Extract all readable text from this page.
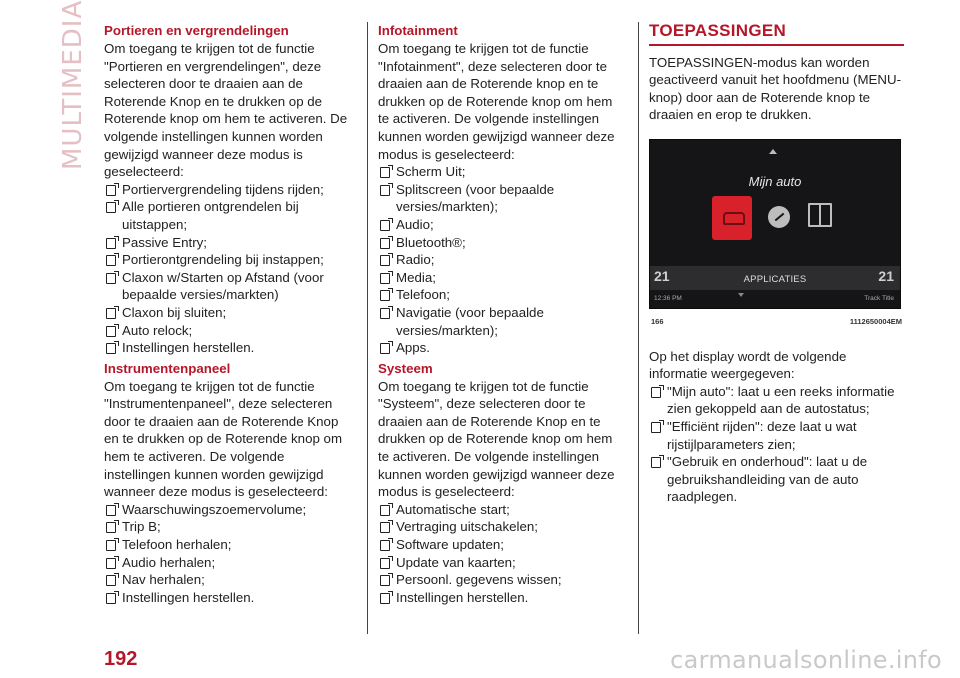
MULTIMEDIA Portieren en vergrendelingen

Om toegang te krijgen tot de functie "Portieren en vergrendelingen", deze selecteren door te draaien aan de Roterende Knop en te drukken op de Roterende knop om hem te activeren. De volgende instellingen kunnen worden gewijzigd wanneer deze modus is geselecteerd:

Portiervergrendeling tijdens rijden;
Alle portieren ontgrendelen bij uitstappen;
Passive Entry;
Portierontgrendeling bij instappen;
Claxon w/Starten op Afstand (voor bepaalde versies/markten)
Claxon bij sluiten;
Auto relock;
Instellingen herstellen.
Instrumentenpaneel

Om toegang te krijgen tot de functie "Instrumentenpaneel", deze selecteren door te draaien aan de Roterende Knop en te drukken op de Roterende knop om hem te activeren. De volgende instellingen kunnen worden gewijzigd wanneer deze modus is geselecteerd:

Waarschuwingszoemervolume;
Trip B;
Telefoon herhalen;
Audio herhalen;
Nav herhalen;
Instellingen herstellen.
Infotainment

Om toegang te krijgen tot de functie "Infotainment", deze selecteren door te draaien aan de Roterende knop en te drukken op de Roterende knop om hem te activeren. De volgende instellingen kunnen worden gewijzigd wanneer deze modus is geselecteerd:

Scherm Uit;
Splitscreen (voor bepaalde versies/markten);
Audio;
Bluetooth®;
Radio;
Media;
Telefoon;
Navigatie (voor bepaalde versies/markten);
Apps.
Systeem

Om toegang te krijgen tot de functie "Systeem", deze selecteren door te draaien aan de Roterende Knop en te drukken op de Roterende knop om hem te activeren. De volgende instellingen kunnen worden gewijzigd wanneer deze modus is geselecteerd:

Automatische start;
Vertraging uitschakelen;
Software updaten;
Update van kaarten;
Persoonl. gegevens wissen;
Instellingen herstellen.
TOEPASSINGEN

TOEPASSINGEN-modus kan worden geactiveerd vanuit het hoofdmenu (MENU-knop) door aan de Roterende knop te draaien en erop te drukken.

Mijn auto
21	APPLICATIES	21
12:36 PM	Track Title
166	1112650004EM

Op het display wordt de volgende informatie weergegeven:

"Mijn auto": laat u een reeks informatie zien gekoppeld aan de autostatus;
"Efficiënt rijden": deze laat u wat rijstijlparameters zien;
"Gebruik en onderhoud": laat u de gebruikshandleiding van de auto raadplegen.
192	carmanualsonline.info
